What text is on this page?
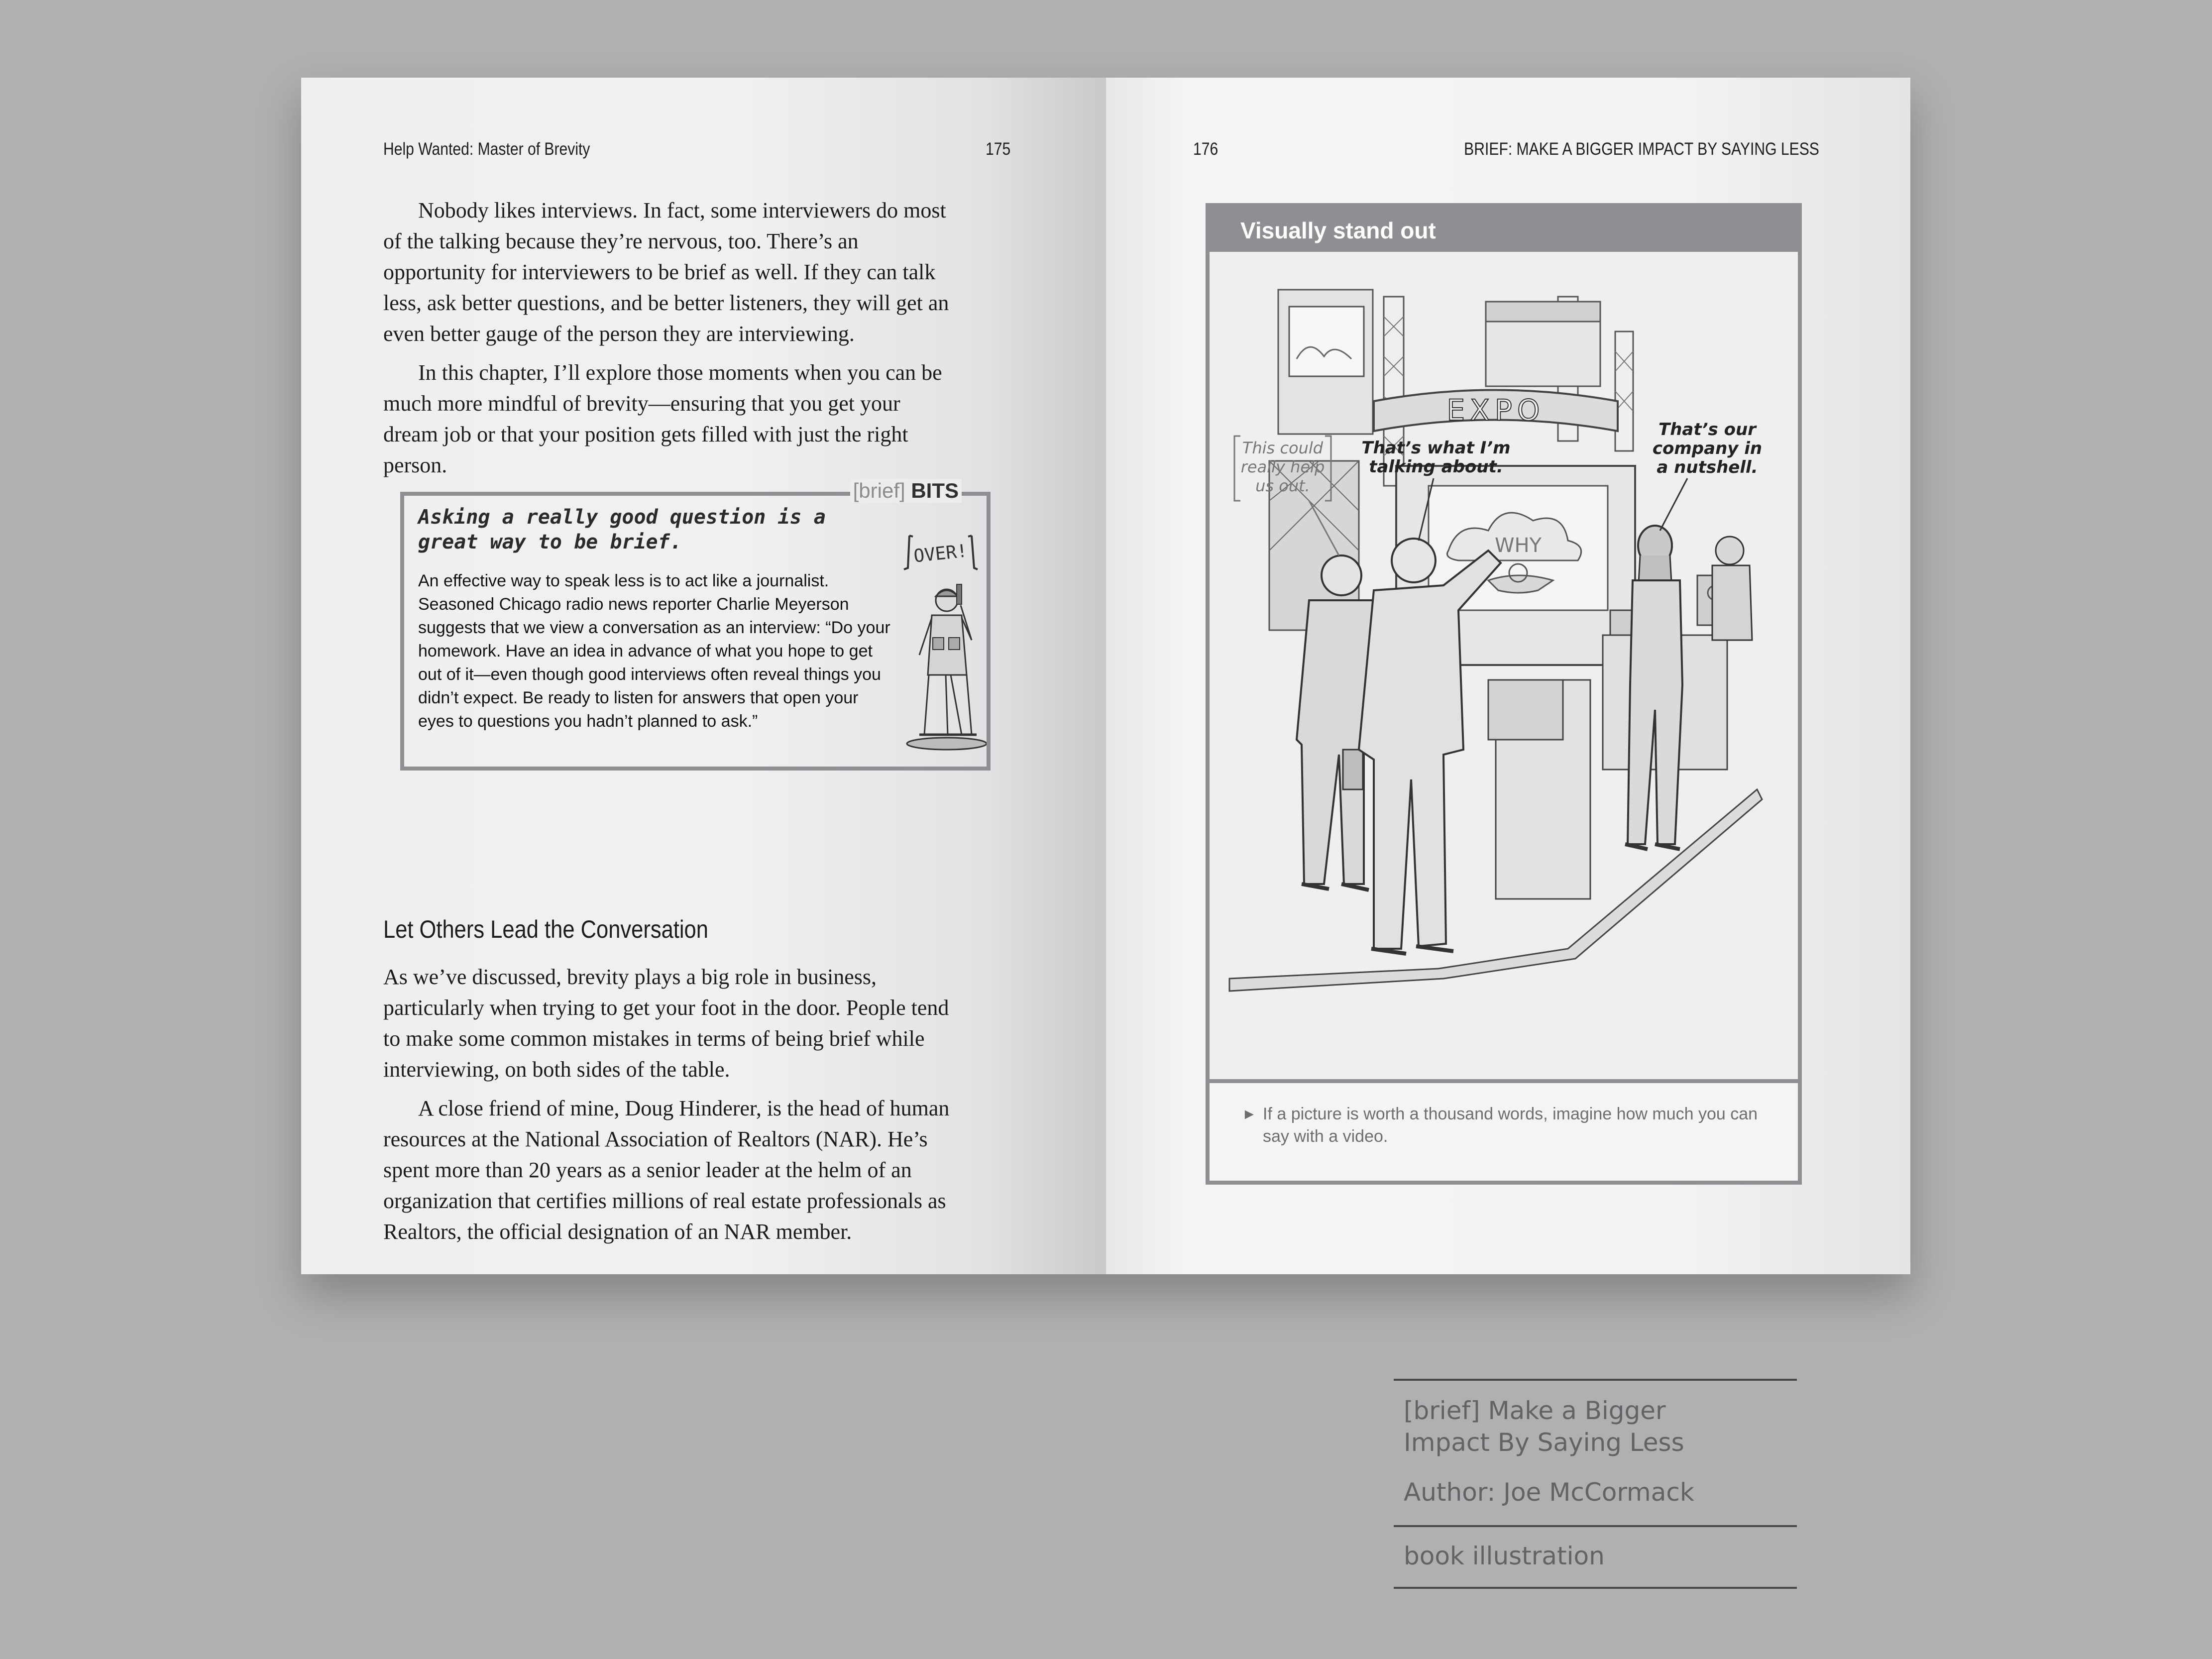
Help Wanted: Master of Brevity	175

Nobody likes interviews. In fact, some interviewers do most of the talking because they’re nervous, too. There’s an opportunity for interviewers to be brief as well. If they can talk less, ask better questions, and be better listeners, they will get an even better gauge of the person they are interviewing.

In this chapter, I’ll explore those moments when you can be much more mindful of brevity—ensuring that you get your dream job or that your position gets filled with just the right person.

[brief] BITS
Asking a really good question is a great way to be brief.
An effective way to speak less is to act like a journalist. Seasoned Chicago radio news reporter Charlie Meyerson suggests that we view a conversation as an interview: “Do your homework. Have an idea in advance of what you hope to get out of it—even though good interviews often reveal things you didn’t expect. Be ready to listen for answers that open your eyes to questions you hadn’t planned to ask.”
OVER!
Let Others Lead the Conversation

As we’ve discussed, brevity plays a big role in business, particularly when trying to get your foot in the door. People tend to make some common mistakes in terms of being brief while interviewing, on both sides of the table.

A close friend of mine, Doug Hinderer, is the head of human resources at the National Association of Realtors (NAR). He’s spent more than 20 years as a senior leader at the helm of an organization that certifies millions of real estate professionals as Realtors, the official designation of an NAR member.

176	BRIEF: MAKE A BIGGER IMPACT BY SAYING LESS
Visually stand out
EXPO
WHY
This could
really help
us out.
That’s what I’m
talking about.
That’s our
company in
a nutshell.
► If a picture is worth a thousand words, imagine how much you can say with a video.
[brief] Make a Bigger Impact By Saying Less
Author: Joe McCormack
book illustration
